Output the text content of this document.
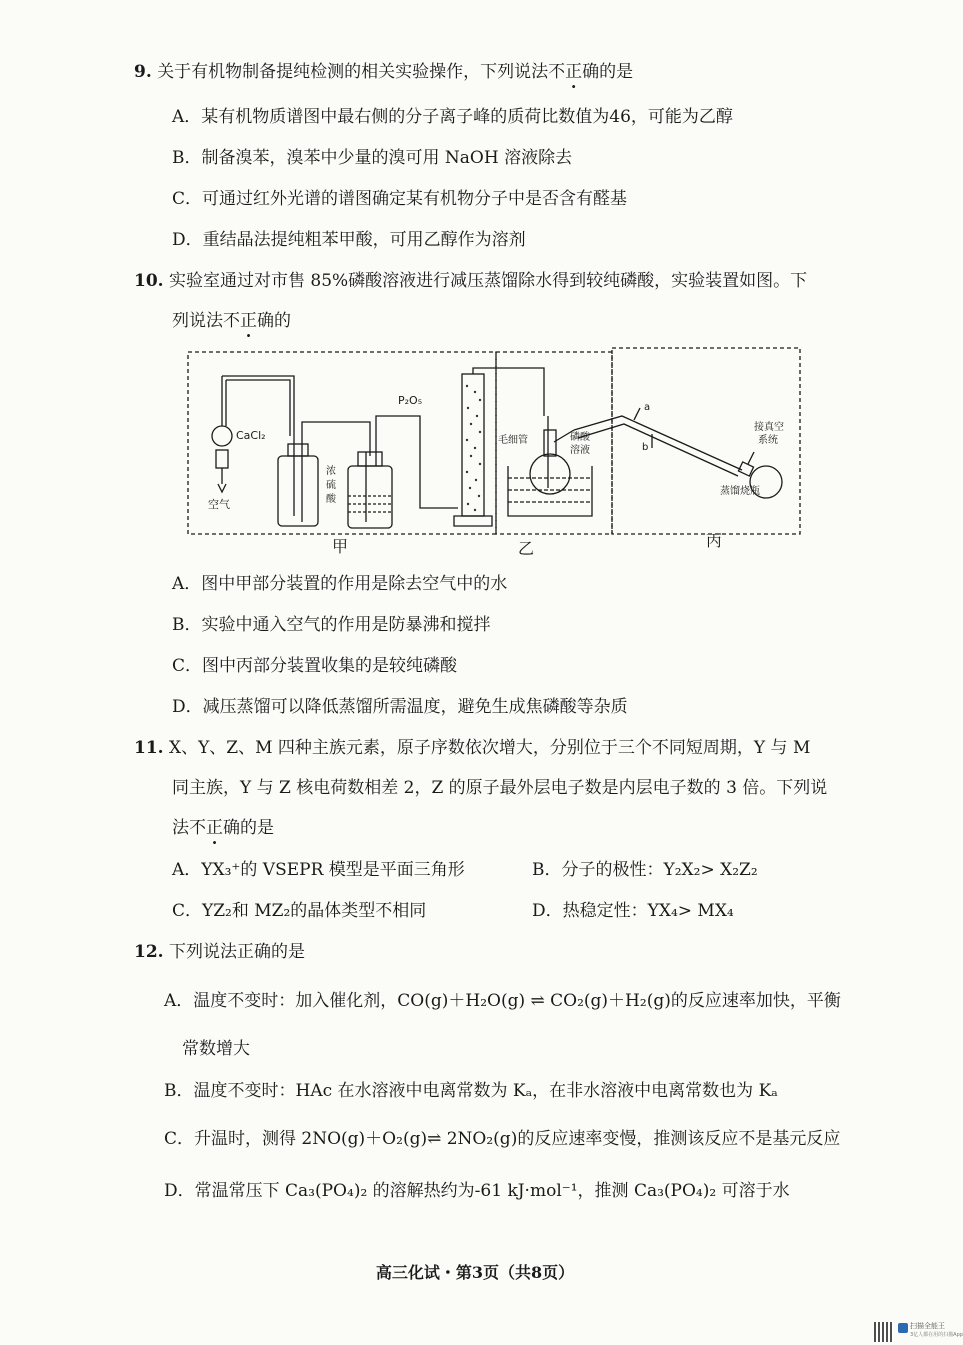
9. 关于有机物制备提纯检测的相关实验操作，下列说法不正确的是
A．某有机物质谱图中最右侧的分子离子峰的质荷比数值为46，可能为乙醇
B．制备溴苯，溴苯中少量的溴可用 NaOH 溶液除去
C．可通过红外光谱的谱图确定某有机物分子中是否含有醛基
D．重结晶法提纯粗苯甲酸，可用乙醇作为溶剂
10. 实验室通过对市售 85%磷酸溶液进行减压蒸馏除水得到较纯磷酸，实验装置如图。下
列说法不正确的
CaCl₂
空气
P₂O₅
毛细管
a
b
蒸馏烧瓶
浓硫酸
磷酸溶液
接真空系统
甲	乙	丙
A．图中甲部分装置的作用是除去空气中的水
B．实验中通入空气的作用是防暴沸和搅拌
C．图中丙部分装置收集的是较纯磷酸
D．减压蒸馏可以降低蒸馏所需温度，避免生成焦磷酸等杂质
11. X、Y、Z、M 四种主族元素，原子序数依次增大，分别位于三个不同短周期，Y 与 M
同主族，Y 与 Z 核电荷数相差 2，Z 的原子最外层电子数是内层电子数的 3 倍。下列说
法不正确的是
A．YX₃⁺的 VSEPR 模型是平面三角形	B．分子的极性：Y₂X₂> X₂Z₂
C．YZ₂和 MZ₂的晶体类型不相同	D．热稳定性：YX₄> MX₄
12. 下列说法正确的是
A．温度不变时：加入催化剂，CO(g)＋H₂O(g) ⇌ CO₂(g)＋H₂(g)的反应速率加快，平衡
常数增大
B．温度不变时：HAc 在水溶液中电离常数为 Kₐ，在非水溶液中电离常数也为 Kₐ
C．升温时，测得 2NO(g)＋O₂(g)⇌ 2NO₂(g)的反应速率变慢，推测该反应不是基元反应
D．常温常压下 Ca₃(PO₄)₂ 的溶解热约为-61 kJ·mol⁻¹，推测 Ca₃(PO₄)₂ 可溶于水
高三化试・第3页（共8页）
扫描全能王
3亿人都在用的扫描App
